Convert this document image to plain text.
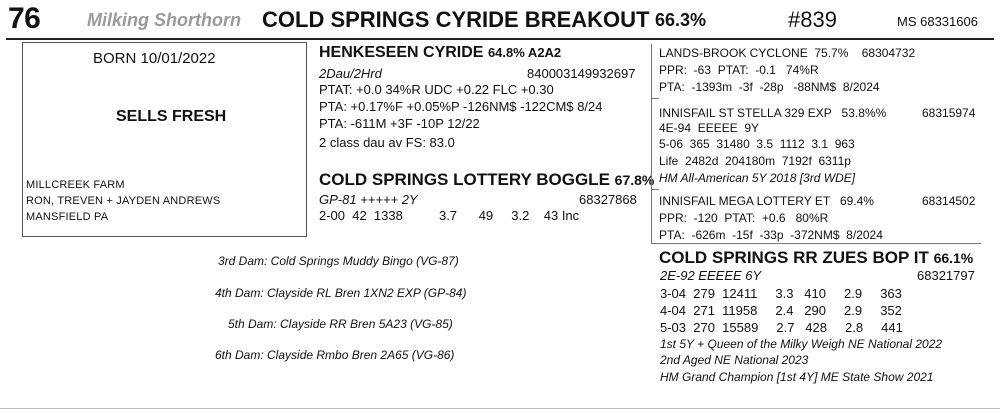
76	Milking Shorthorn COLD SPRINGS CYRIDE BREAKOUT 66.3%	#839	MS 68331606
BORN 10/01/2022
SELLS FRESH
MILLCREEK FARM
RON, TREVEN + JAYDEN ANDREWS
MANSFIELD PA
HENKESEEN CYRIDE 64.8% A2A2
2Dau/2Hrd	840003149932697
PTAT: +0.0 34%R UDC +0.22 FLC +0.30
PTA: +0.17%F +0.05%P -126NM$ -122CM$ 8/24
PTA: -611M +3F -10P 12/22
2 class dau av FS: 83.0
COLD SPRINGS LOTTERY BOGGLE 67.8%
GP-81 +++++ 2Y	68327868
2-00  42  1338          3.7      49     3.2    43 Inc
3rd Dam: Cold Springs Muddy Bingo (VG-87)
4th Dam: Clayside RL Bren 1XN2 EXP (GP-84)
5th Dam: Clayside RR Bren 5A23 (VG-85)
6th Dam: Clayside Rmbo Bren 2A65 (VG-86)
LANDS-BROOK CYCLONE  75.7%    68304732
PPR:  -63  PTAT:  -0.1   74%R
PTA:  -1393m  -3f  -28p   -88NM$  8/2024
INNISFAIL ST STELLA 329 EXP   53.8%%	68315974
4E-94  EEEEE  9Y
5-06  365  31480  3.5  1112  3.1  963
Life  2482d  204180m  7192f  6311p
HM All-American 5Y 2018 [3rd WDE]
INNISFAIL MEGA LOTTERY ET   69.4%	68314502
PPR:  -120  PTAT:  +0.6   80%R
PTA:  -626m  -15f  -33p  -372NM$  8/2024
COLD SPRINGS RR ZUES BOP IT 66.1%
2E-92 EEEEE 6Y	68321797
3-04  279  12411     3.3   410     2.9     363
4-04  271  11958     2.4   290     2.9     352
5-03  270  15589     2.7   428     2.8     441
1st 5Y + Queen of the Milky Weigh NE National 2022
2nd Aged NE National 2023
HM Grand Champion [1st 4Y] ME State Show 2021
